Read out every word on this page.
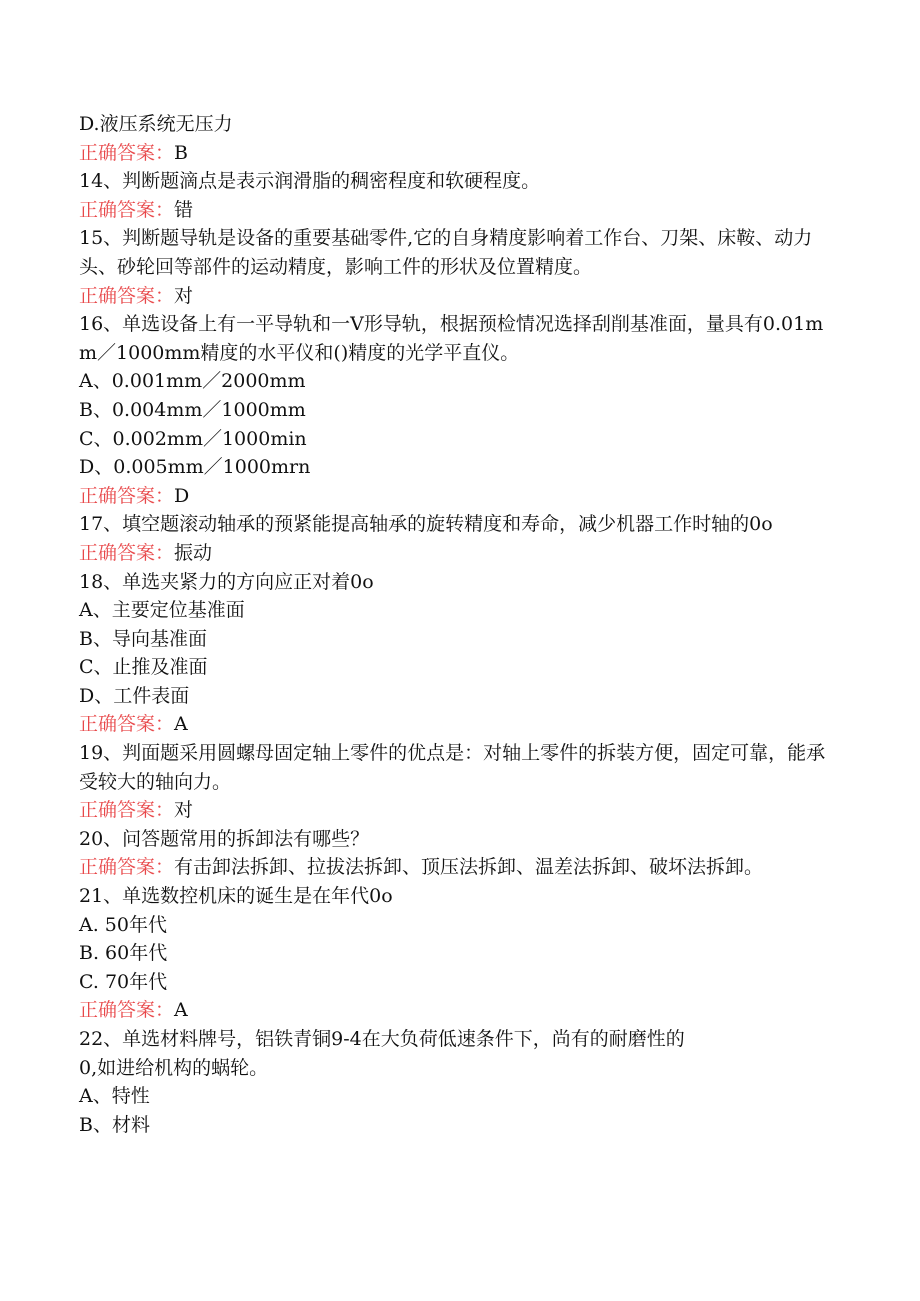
D.液压系统无压力

正确答案：B

14、判断题滴点是表示润滑脂的稠密程度和软硬程度。

正确答案：错

15、判断题导轨是设备的重要基础零件,它的自身精度影响着工作台、刀架、床鞍、动力头、砂轮回等部件的运动精度，影响工件的形状及位置精度。

正确答案：对

16、单选设备上有一平导轨和一V形导轨，根据预检情况选择刮削基准面，量具有0.01mm／1000mm精度的水平仪和()精度的光学平直仪。

A、0.001mm／2000mm

B、0.004mm／1000mm

C、0.002mm／1000min

D、0.005mm／1000mrn

正确答案：D

17、填空题滚动轴承的预紧能提高轴承的旋转精度和寿命，减少机器工作时轴的0o

正确答案：振动

18、单选夹紧力的方向应正对着0o

A、主要定位基准面

B、导向基准面

C、止推及准面

D、工件表面

正确答案：A

19、判面题采用圆螺母固定轴上零件的优点是：对轴上零件的拆装方便，固定可靠，能承受较大的轴向力。

正确答案：对

20、问答题常用的拆卸法有哪些？

正确答案：有击卸法拆卸、拉拔法拆卸、顶压法拆卸、温差法拆卸、破坏法拆卸。

21、单选数控机床的诞生是在年代0o

A. 50年代

B. 60年代

C. 70年代

正确答案：A

22、单选材料牌号，铝铁青铜9-4在大负荷低速条件下，尚有的耐磨性的
0,如进给机构的蜗轮。

A、特性

B、材料
